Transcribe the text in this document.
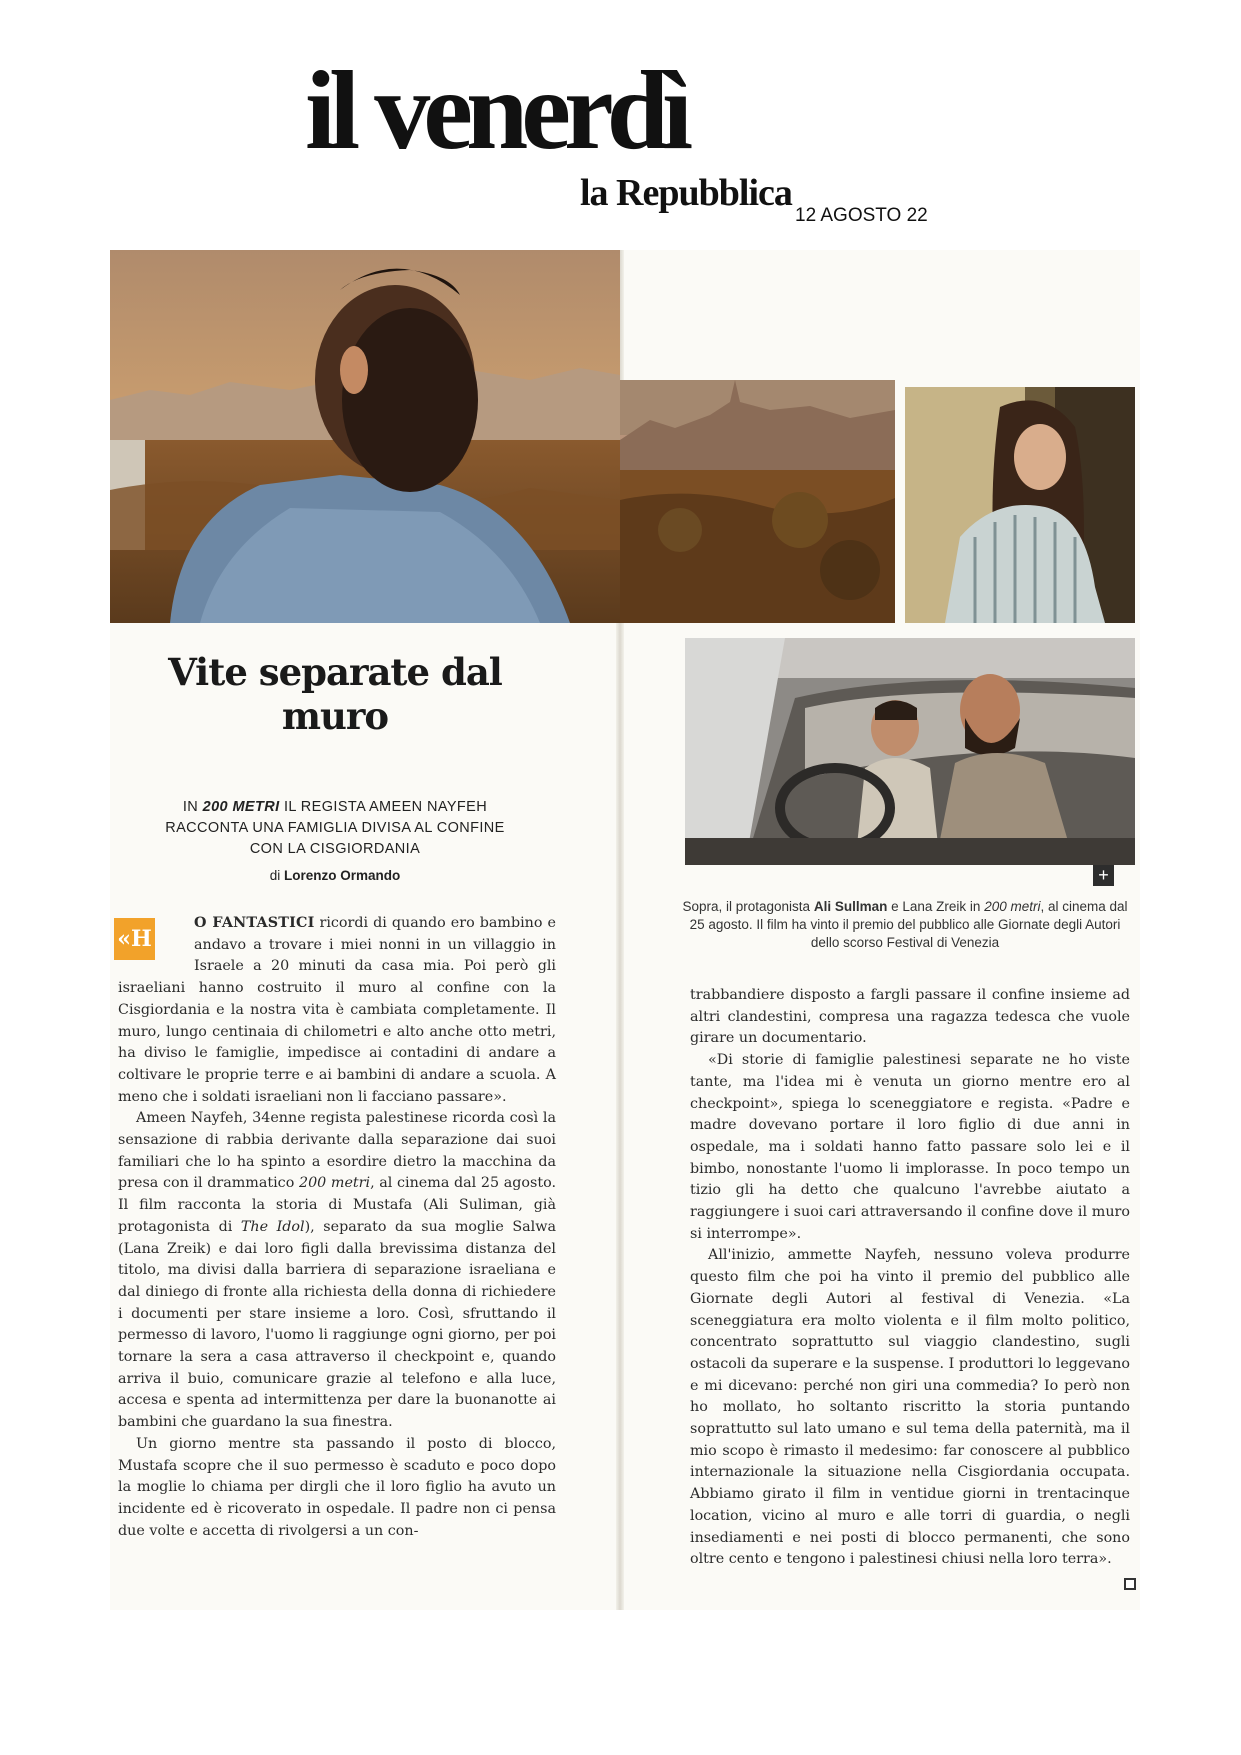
il venerdì
la Repubblica
12 AGOSTO 22
+
Sopra, il protagonista Ali Sullman e Lana Zreik in 200 metri, al cinema dal 25 agosto. Il film ha vinto il premio del pubblico alle Giornate degli Autori dello scorso Festival di Venezia
Vite separate dal muro
IN 200 METRI IL REGISTA AMEEN NAYFEH RACCONTA UNA FAMIGLIA DIVISA AL CONFINE CON LA CISGIORDANIA
di Lorenzo Ormando
«H

O FANTASTICI ricordi di quando ero bambino e andavo a trovare i miei nonni in un villaggio in Israele a 20 minuti da casa mia. Poi però gli israeliani hanno costruito il muro al confine con la Cisgiordania e la nostra vita è cambiata completamente. Il muro, lungo centinaia di chilometri e alto anche otto metri, ha diviso le famiglie, impedisce ai contadini di andare a coltivare le proprie terre e ai bambini di andare a scuola. A meno che i soldati israeliani non li facciano passare».

Ameen Nayfeh, 34enne regista palestinese ricorda così la sensazione di rabbia derivante dalla separazione dai suoi familiari che lo ha spinto a esordire dietro la macchina da presa con il drammatico 200 metri, al cinema dal 25 agosto. Il film racconta la storia di Mustafa (Ali Suliman, già protagonista di The Idol), separato da sua moglie Salwa (Lana Zreik) e dai loro figli dalla brevissima distanza del titolo, ma divisi dalla barriera di separazione israeliana e dal diniego di fronte alla richiesta della donna di richiedere i documenti per stare insieme a loro. Così, sfruttando il permesso di lavoro, l'uomo li raggiunge ogni giorno, per poi tornare la sera a casa attraverso il checkpoint e, quando arriva il buio, comunicare grazie al telefono e alla luce, accesa e spenta ad intermittenza per dare la buonanotte ai bambini che guardano la sua finestra.

Un giorno mentre sta passando il posto di blocco, Mustafa scopre che il suo permesso è scaduto e poco dopo la moglie lo chiama per dirgli che il loro figlio ha avuto un incidente ed è ricoverato in ospedale. Il padre non ci pensa due volte e accetta di rivolgersi a un con-

trabbandiere disposto a fargli passare il confine insieme ad altri clandestini, compresa una ragazza tedesca che vuole girare un documentario.

«Di storie di famiglie palestinesi separate ne ho viste tante, ma l'idea mi è venuta un giorno mentre ero al checkpoint», spiega lo sceneggiatore e regista. «Padre e madre dovevano portare il loro figlio di due anni in ospedale, ma i soldati hanno fatto passare solo lei e il bimbo, nonostante l'uomo li implorasse. In poco tempo un tizio gli ha detto che qualcuno l'avrebbe aiutato a raggiungere i suoi cari attraversando il confine dove il muro si interrompe».

All'inizio, ammette Nayfeh, nessuno voleva produrre questo film che poi ha vinto il premio del pubblico alle Giornate degli Autori al festival di Venezia. «La sceneggiatura era molto violenta e il film molto politico, concentrato soprattutto sul viaggio clandestino, sugli ostacoli da superare e la suspense. I produttori lo leggevano e mi dicevano: perché non giri una commedia? Io però non ho mollato, ho soltanto riscritto la storia puntando soprattutto sul lato umano e sul tema della paternità, ma il mio scopo è rimasto il medesimo: far conoscere al pubblico internazionale la situazione nella Cisgiordania occupata. Abbiamo girato il film in ventidue giorni in trentacinque location, vicino al muro e alle torri di guardia, o negli insediamenti e nei posti di blocco permanenti, che sono oltre cento e tengono i palestinesi chiusi nella loro terra».
